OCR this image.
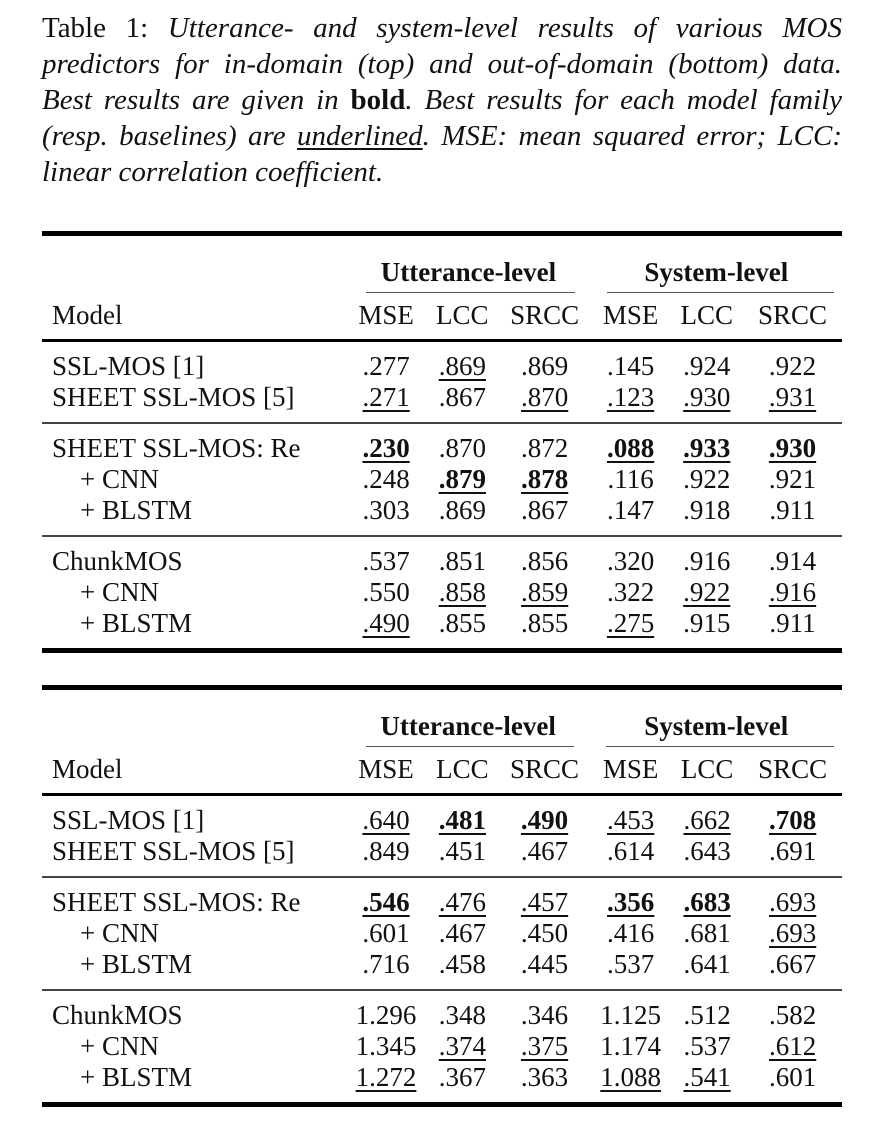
Table 1: Utterance- and system-level results of various MOS predictors for in-domain (top) and out-of-domain (bottom) data. Best results are given in bold. Best results for each model family (resp. baselines) are underlined. MSE: mean squared error; LCC: linear correlation coefficient.
	Utterance-level			System-level		

Model	MSE	LCC	SRCC	MSE	LCC	SRCC
SSL-MOS [1]	.277	.869	.869	.145	.924	.922
SHEET SSL-MOS [5]	.271	.867	.870	.123	.930	.931
SHEET SSL-MOS: Re	.230	.870	.872	.088	.933	.930
+ CNN	.248	.879	.878	.116	.922	.921
+ BLSTM	.303	.869	.867	.147	.918	.911
ChunkMOS	.537	.851	.856	.320	.916	.914
+ CNN	.550	.858	.859	.322	.922	.916
+ BLSTM	.490	.855	.855	.275	.915	.911
	Utterance-level			System-level		

Model	MSE	LCC	SRCC	MSE	LCC	SRCC
SSL-MOS [1]	.640	.481	.490	.453	.662	.708
SHEET SSL-MOS [5]	.849	.451	.467	.614	.643	.691
SHEET SSL-MOS: Re	.546	.476	.457	.356	.683	.693
+ CNN	.601	.467	.450	.416	.681	.693
+ BLSTM	.716	.458	.445	.537	.641	.667
ChunkMOS	1.296	.348	.346	1.125	.512	.582
+ CNN	1.345	.374	.375	1.174	.537	.612
+ BLSTM	1.272	.367	.363	1.088	.541	.601
